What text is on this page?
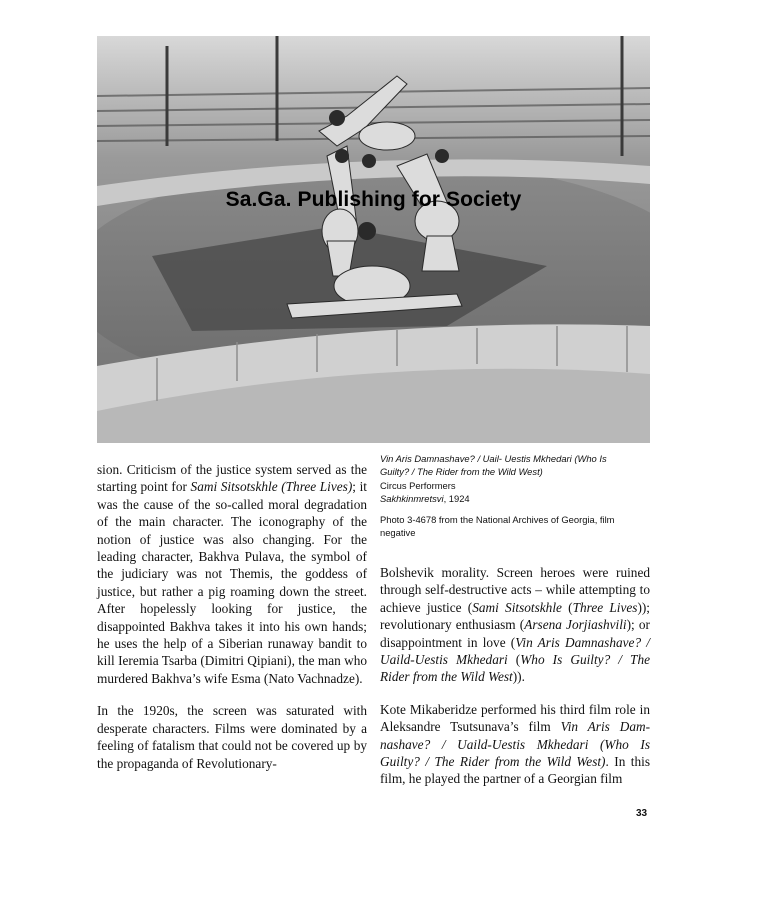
Sa.Ga. Publishing for Society
Vin Aris Damnashave? / Uail- Uestis Mkhedari (Who Is
Guilty? / The Rider from the Wild West)
Circus Performers
Sakhkinmretsvi, 1924
Photo 3-4678 from the National Archives of Georgia, film
negative

sion. Criticism of the justice system served as the starting point for Sami Sitsotskhle (Three Lives); it was the cause of the so-called moral degradation of the main character. The iconography of the notion of justice was also changing. For the leading character, Bakhva Pulava, the symbol of the judiciary was not Themis, the goddess of justice, but rather a pig roaming down the street. After hopelessly looking for justice, the disappointed Bakhva takes it into his own hands; he uses the help of a Siberian runaway bandit to kill Ieremia Tsarba (Dimitri Qipiani), the man who murdered Bakhva’s wife Esma (Nato Vachnadze).

In the 1920s, the screen was saturated with desperate characters. Films were dominated by a feeling of fatalism that could not be covered up by the propaganda of Revolutionary-

Bolshevik morality. Screen heroes were ruined through self-destructive acts – while attempting to achieve justice (Sami Sitsotskhle (Three Lives)); revolutionary enthusiasm (Arsena Jorjiashvili); or disappointment in love (Vin Aris Damnashave? / Uaild-Uestis Mkhedari (Who Is Guilty? / The Rider from the Wild West)).

Kote Mikaberidze performed his third film role in Aleksandre Tsutsunava’s film Vin Aris Damnashave? / Uaild-Uestis Mkhedari (Who Is Guilty? / The Rider from the Wild West). In this film, he played the partner of a Georgian film

33
